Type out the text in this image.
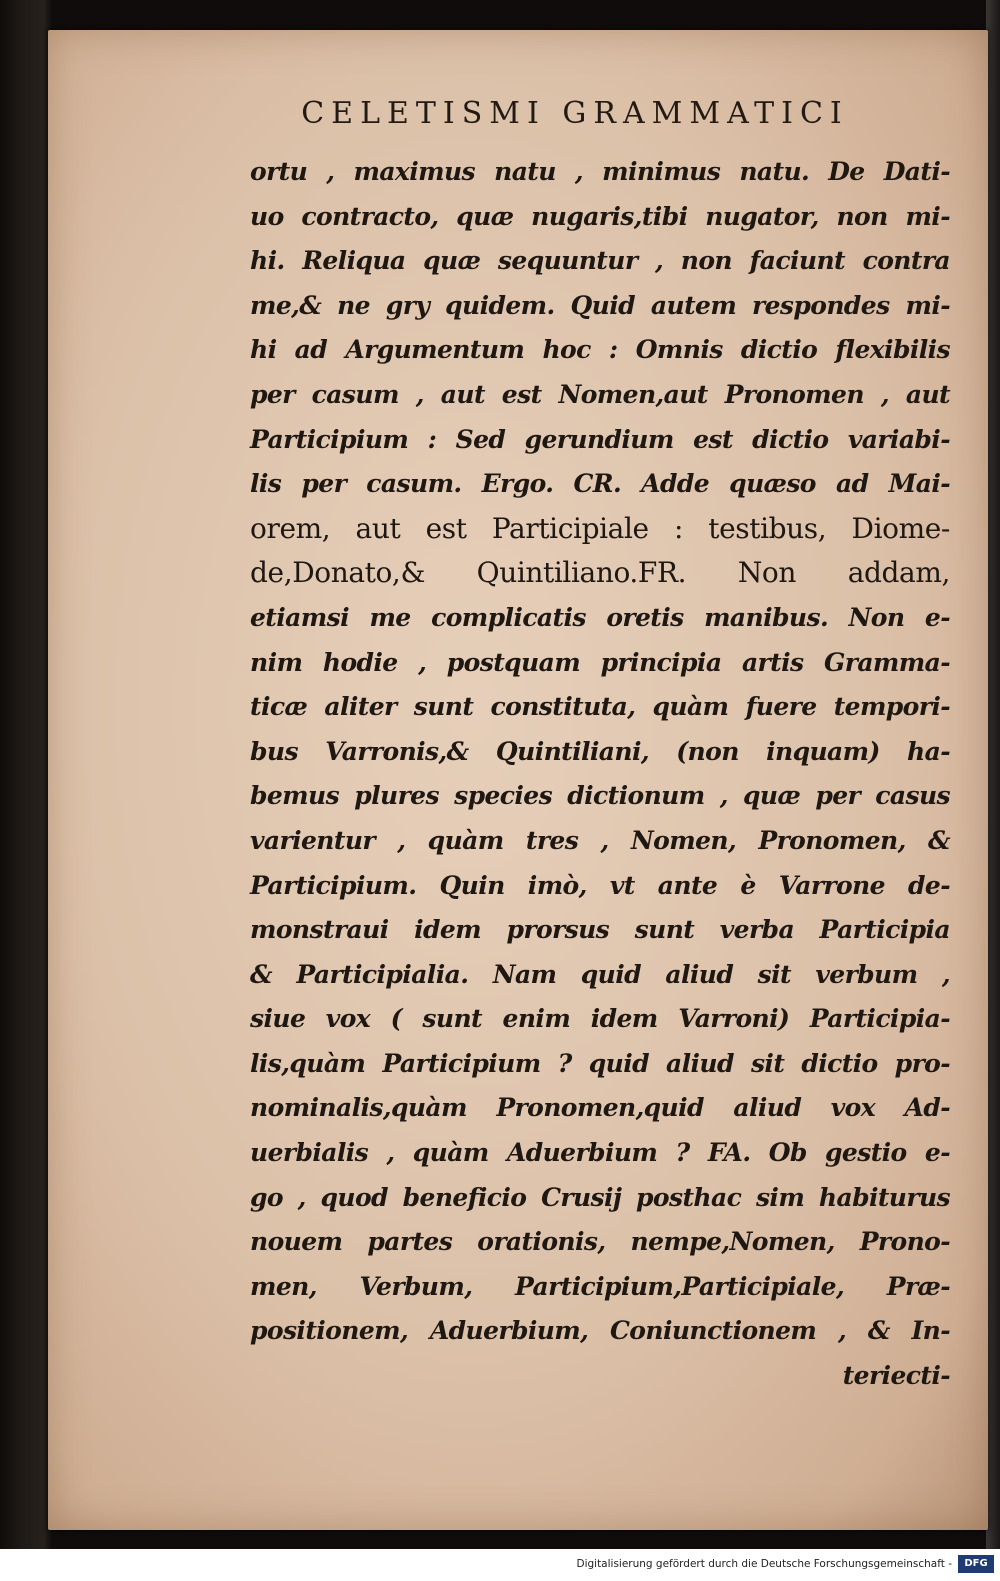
CELETISMI GRAMMATICI
ortu , maximus natu , minimus natu. De Dati-
uo contracto, quæ nugaris,tibi nugator, non mi-
hi. Reliqua quæ sequuntur , non faciunt contra
me,& ne gry quidem. Quid autem respondes mi-
hi ad Argumentum hoc : Omnis dictio flexibilis
per casum , aut est Nomen,aut Pronomen , aut
Participium : Sed gerundium est dictio variabi-
lis per casum. Ergo. CR. Adde quæso ad Mai-
orem, aut est Participiale : testibus, Diome-
de,Donato,& Quintiliano.FR. Non addam,
etiamsi me complicatis oretis manibus. Non e-
nim hodie , postquam principia artis Gramma-
ticæ aliter sunt constituta, quàm fuere tempori-
bus Varronis,& Quintiliani, (non inquam) ha-
bemus plures species dictionum , quæ per casus
varientur , quàm tres , Nomen, Pronomen, &
Participium. Quin imò, vt ante è Varrone de-
monstraui idem prorsus sunt verba Participia
& Participialia. Nam quid aliud sit verbum ,
siue vox ( sunt enim idem Varroni) Participia-
lis,quàm Participium ? quid aliud sit dictio pro-
nominalis,quàm Pronomen,quid aliud vox Ad-
uerbialis , quàm Aduerbium ? FA. Ob gestio e-
go , quod beneficio Crusij posthac sim habiturus
nouem partes orationis, nempe,Nomen, Prono-
men, Verbum, Participium,Participiale, Præ-
positionem, Aduerbium, Coniunctionem , & In-
teriecti-
Digitalisierung gefördert durch die Deutsche Forschungsgemeinschaft -	DFG
